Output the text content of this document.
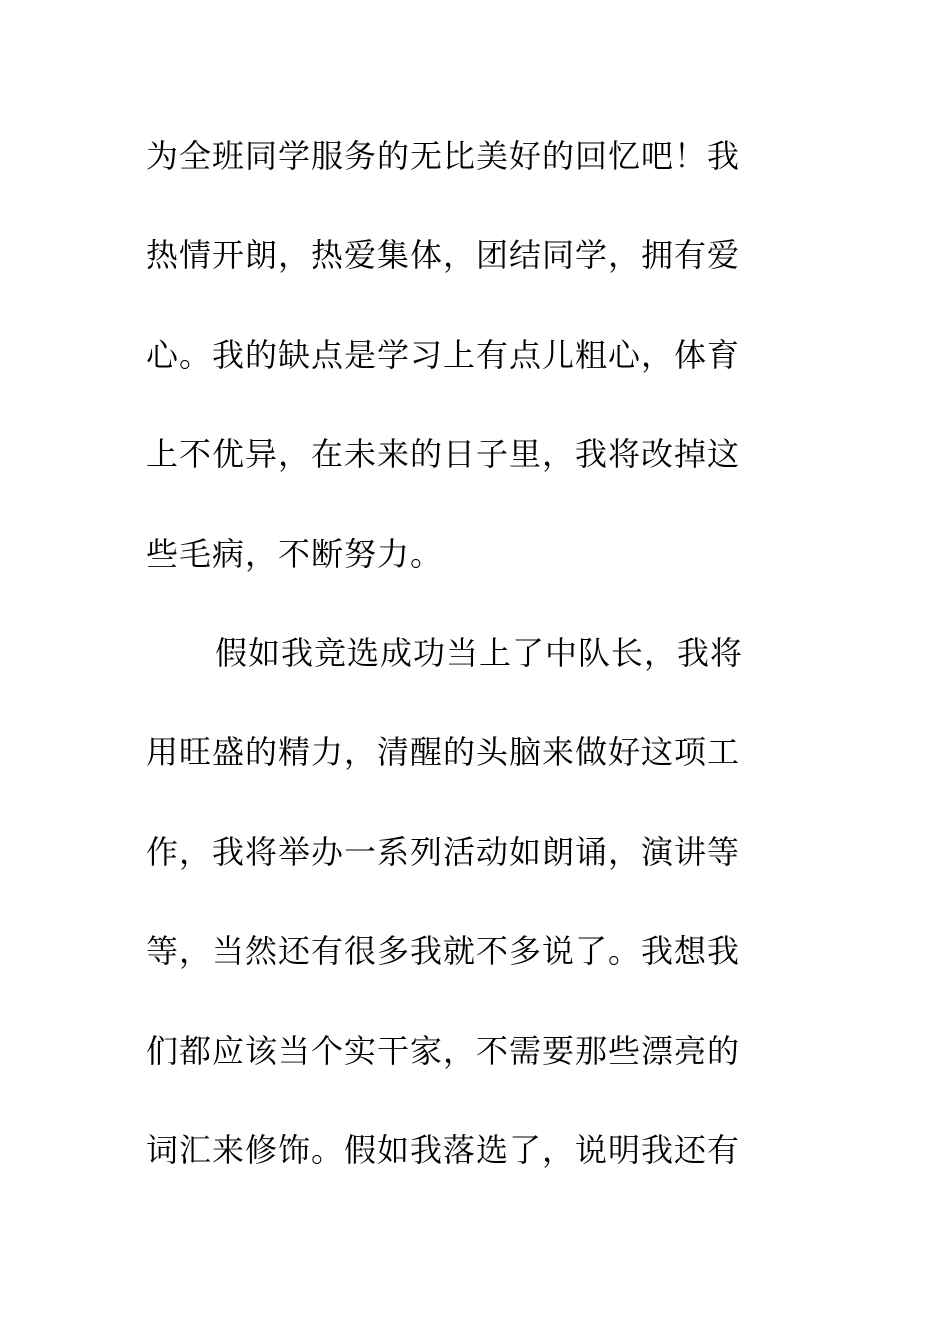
为全班同学服务的无比美好的回忆吧！我
热情开朗，热爱集体，团结同学，拥有爱
心。我的缺点是学习上有点儿粗心，体育
上不优异，在未来的日子里，我将改掉这
些毛病，不断努力。
假如我竞选成功当上了中队长，我将
用旺盛的精力，清醒的头脑来做好这项工
作，我将举办一系列活动如朗诵，演讲等
等，当然还有很多我就不多说了。我想我
们都应该当个实干家，不需要那些漂亮的
词汇来修饰。假如我落选了，说明我还有
